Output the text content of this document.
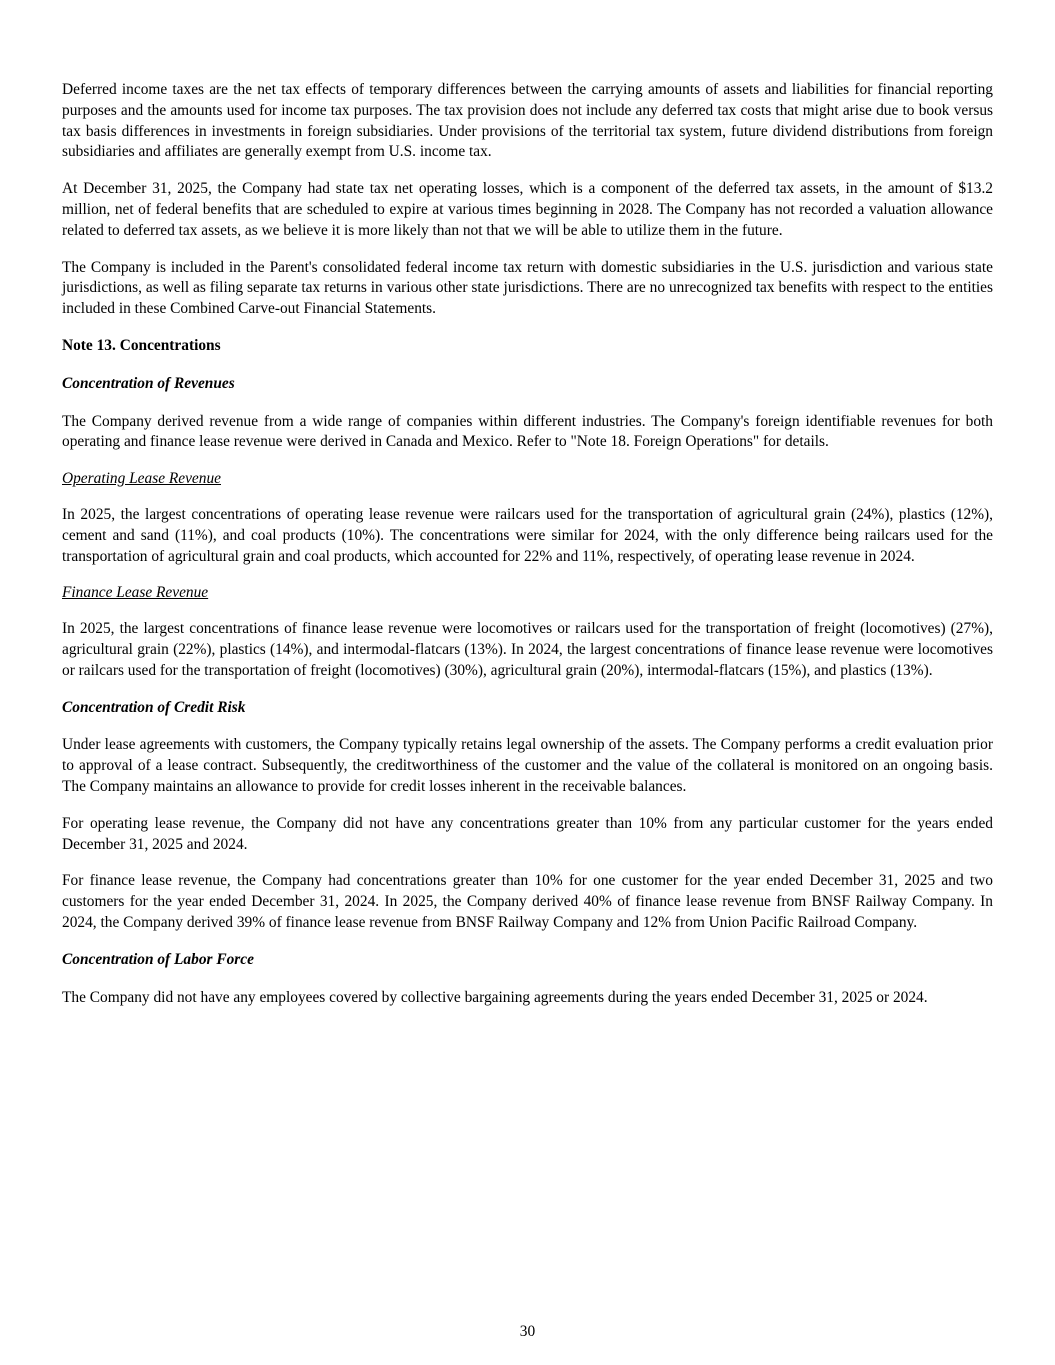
Deferred income taxes are the net tax effects of temporary differences between the carrying amounts of assets and liabilities for financial reporting purposes and the amounts used for income tax purposes. The tax provision does not include any deferred tax costs that might arise due to book versus tax basis differences in investments in foreign subsidiaries. Under provisions of the territorial tax system, future dividend distributions from foreign subsidiaries and affiliates are generally exempt from U.S. income tax.

At December 31, 2025, the Company had state tax net operating losses, which is a component of the deferred tax assets, in the amount of $13.2 million, net of federal benefits that are scheduled to expire at various times beginning in 2028. The Company has not recorded a valuation allowance related to deferred tax assets, as we believe it is more likely than not that we will be able to utilize them in the future.

The Company is included in the Parent's consolidated federal income tax return with domestic subsidiaries in the U.S. jurisdiction and various state jurisdictions, as well as filing separate tax returns in various other state jurisdictions. There are no unrecognized tax benefits with respect to the entities included in these Combined Carve-out Financial Statements.

Note 13. Concentrations

Concentration of Revenues

The Company derived revenue from a wide range of companies within different industries. The Company's foreign identifiable revenues for both operating and finance lease revenue were derived in Canada and Mexico. Refer to "Note 18. Foreign Operations" for details.

Operating Lease Revenue

In 2025, the largest concentrations of operating lease revenue were railcars used for the transportation of agricultural grain (24%), plastics (12%), cement and sand (11%), and coal products (10%). The concentrations were similar for 2024, with the only difference being railcars used for the transportation of agricultural grain and coal products, which accounted for 22% and 11%, respectively, of operating lease revenue in 2024.

Finance Lease Revenue

In 2025, the largest concentrations of finance lease revenue were locomotives or railcars used for the transportation of freight (locomotives) (27%), agricultural grain (22%), plastics (14%), and intermodal-flatcars (13%). In 2024, the largest concentrations of finance lease revenue were locomotives or railcars used for the transportation of freight (locomotives) (30%), agricultural grain (20%), intermodal-flatcars (15%), and plastics (13%).

Concentration of Credit Risk

Under lease agreements with customers, the Company typically retains legal ownership of the assets. The Company performs a credit evaluation prior to approval of a lease contract. Subsequently, the creditworthiness of the customer and the value of the collateral is monitored on an ongoing basis. The Company maintains an allowance to provide for credit losses inherent in the receivable balances.

For operating lease revenue, the Company did not have any concentrations greater than 10% from any particular customer for the years ended December 31, 2025 and 2024.

For finance lease revenue, the Company had concentrations greater than 10% for one customer for the year ended December 31, 2025 and two customers for the year ended December 31, 2024. In 2025, the Company derived 40% of finance lease revenue from BNSF Railway Company. In 2024, the Company derived 39% of finance lease revenue from BNSF Railway Company and 12% from Union Pacific Railroad Company.

Concentration of Labor Force

The Company did not have any employees covered by collective bargaining agreements during the years ended December 31, 2025 or 2024.

30
